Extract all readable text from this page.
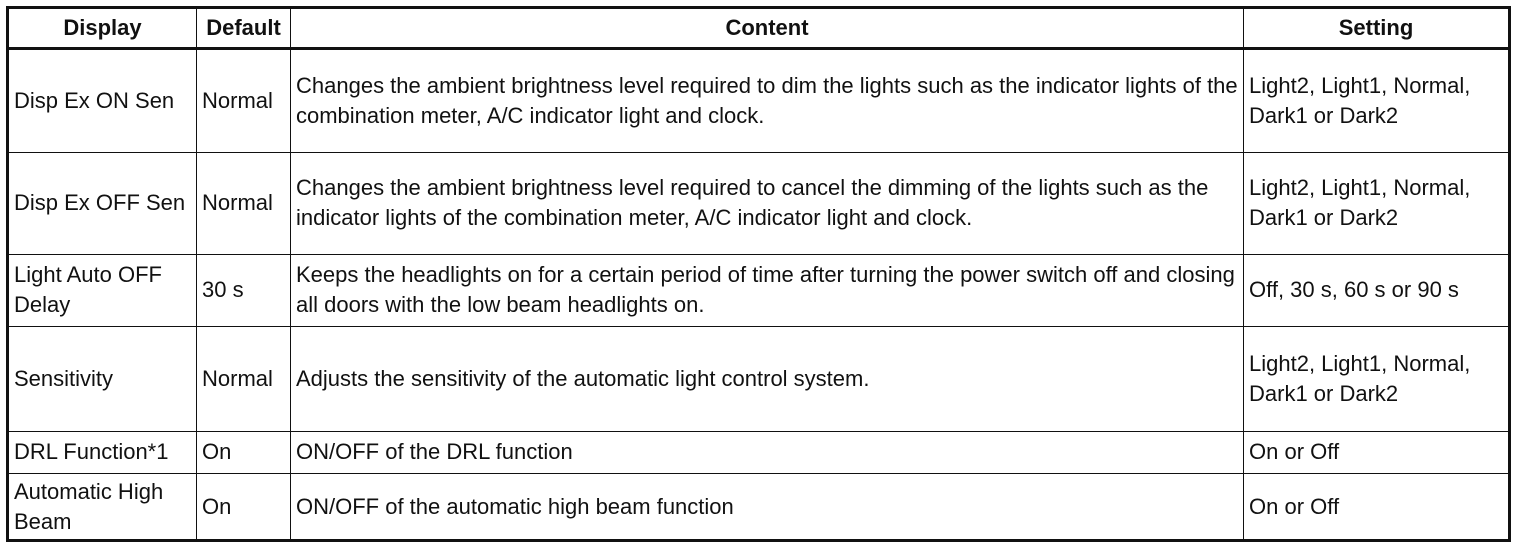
Display	Default	Content	Setting
Disp Ex ON Sen	Normal	Changes the ambient brightness level required to dim the lights such as the indicator lights of the combination meter, A/C indicator light and clock.	Light2, Light1, Normal, Dark1 or Dark2
Disp Ex OFF Sen	Normal	Changes the ambient brightness level required to cancel the dimming of the lights such as the indicator lights of the combination meter, A/C indicator light and clock.	Light2, Light1, Normal, Dark1 or Dark2
Light Auto OFF Delay	30 s	Keeps the headlights on for a certain period of time after turning the power switch off and closing all doors with the low beam headlights on.	Off, 30 s, 60 s or 90 s
Sensitivity	Normal	Adjusts the sensitivity of the automatic light control system.	Light2, Light1, Normal, Dark1 or Dark2
DRL Function*1	On	ON/OFF of the DRL function	On or Off
Automatic High Beam	On	ON/OFF of the automatic high beam function	On or Off
